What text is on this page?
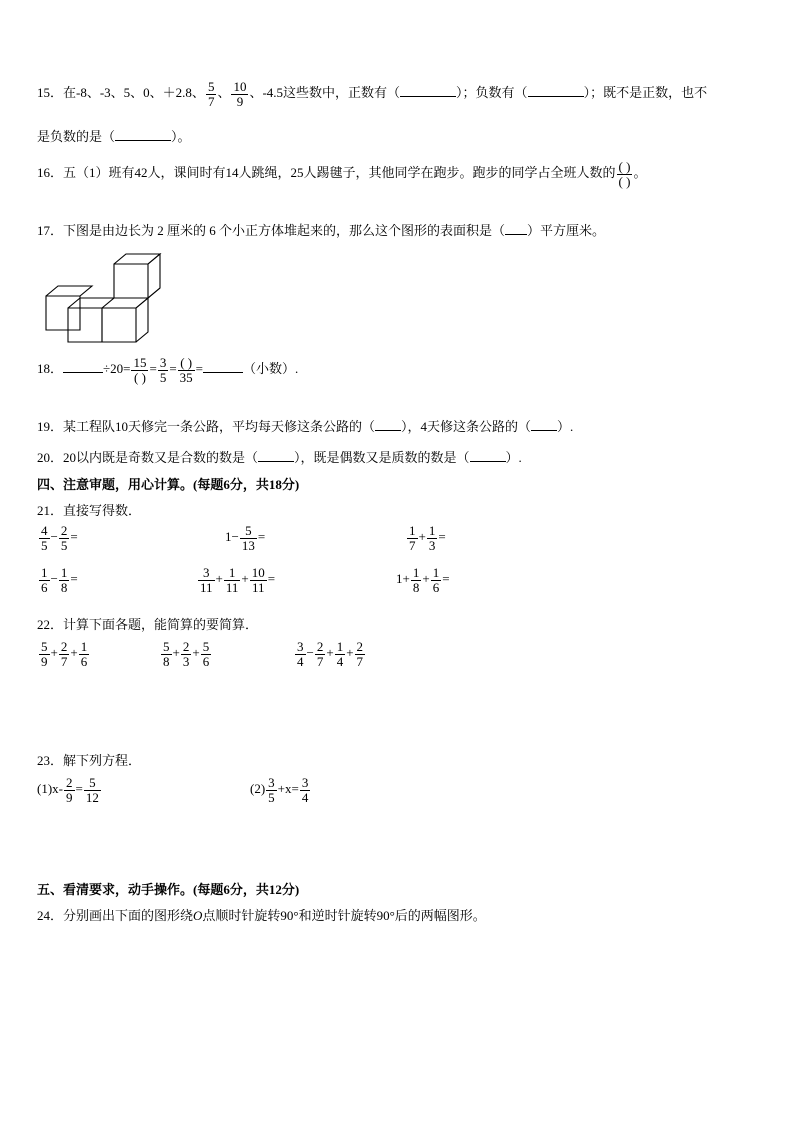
15．在-8、-3、5、0、＋2.8、 $\frac{5}{7}$ 、 $\frac{10}{9}$ 、-4.5这些数中，正数有（	）；负数有（	）；既不是正数，也不
是负数的是（	）。
16．五（1）班有42人，课间时有14人跳绳，25人踢毽子，其他同学在跑步。跑步的同学占全班人数的 $\frac{( )}{( )}$ 。
17．下图是由边长为 2 厘米的 6 个小正方体堆起来的，那么这个图形的表面积是（ ）平方厘米。
18．	$\div 20= \frac{15}{( )} = \frac{3}{5} = \frac{( )}{35}$ =	（小数）.
19．某工程队10天修完一条公路，平均每天修这条公路的（ ），4天修这条公路的（ ）.
20．20以内既是奇数又是合数的数是（	），既是偶数又是质数的数是（	）.
四、注意审题，用心计算。(每题6分，共18分)
21．直接写得数．
$\frac{4}{5} - \frac{2}{5}$ =	$1- \frac{5}{13}$ =	$\frac{1}{7} + \frac{1}{3}$ =
$\frac{1}{6} - \frac{1}{8}$ =	$\frac{3}{11} + \frac{1}{11} + \frac{10}{11}$ =	$1+ \frac{1}{8} + \frac{1}{6}$ =
22．计算下面各题，能简算的要简算．
$\frac{5}{9} + \frac{2}{7} + \frac{1}{6}$	$\frac{5}{8} + \frac{2}{3} + \frac{5}{6}$	$\frac{3}{4} - \frac{2}{7} + \frac{1}{4} + \frac{2}{7}$
23．解下列方程．
$(1)x- \frac{2}{9} = \frac{5}{12}$	$(2) \frac{3}{5} +x= \frac{3}{4}$
五、看清要求，动手操作。(每题6分，共12分)
24．分别画出下面的图形绕O点顺时针旋转90°和逆时针旋转90°后的两幅图形。
